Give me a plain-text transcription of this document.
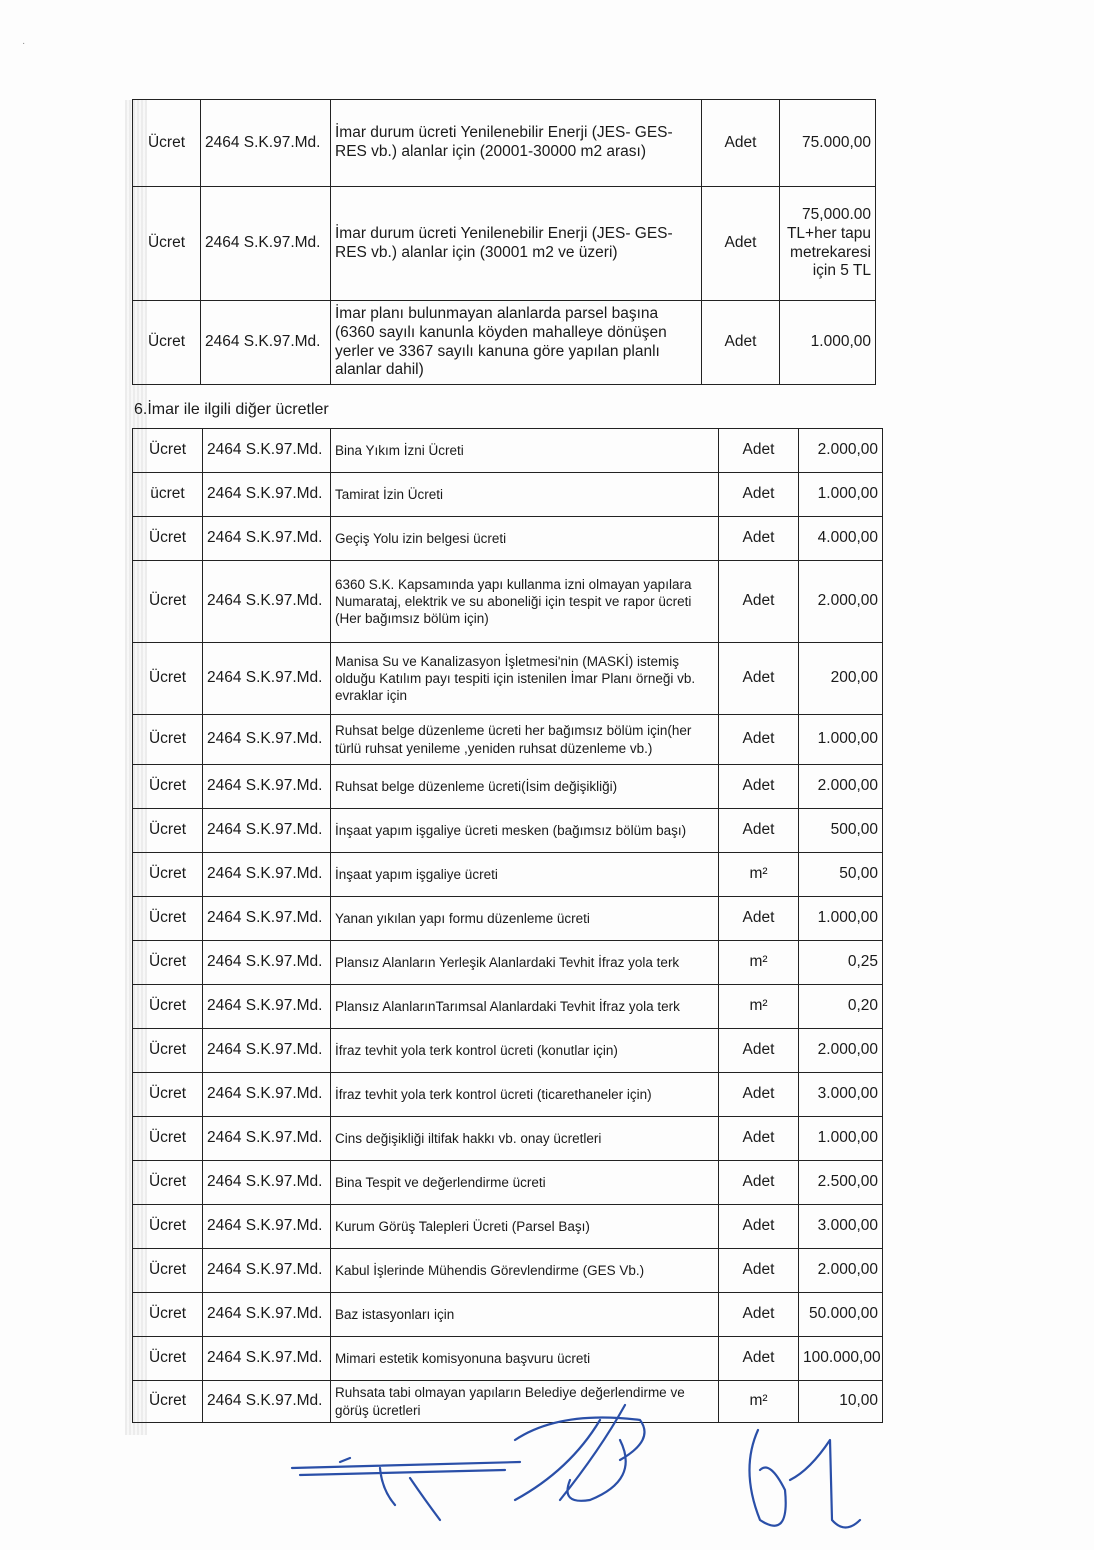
·
Ücret	2464 S.K.97.Md.	İmar durum ücreti Yenilenebilir Enerji (JES- GES-RES vb.) alanlar için (20001-30000 m2 arası)	Adet	75.000,00
Ücret	2464 S.K.97.Md.	İmar durum ücreti Yenilenebilir Enerji (JES- GES-RES vb.) alanlar için (30001 m2 ve üzeri)	Adet	75,000.00 TL+her tapu metrekaresi için 5 TL
Ücret	2464 S.K.97.Md.	İmar planı bulunmayan alanlarda parsel başına (6360 sayılı kanunla köyden mahalleye dönüşen yerler ve 3367 sayılı kanuna göre yapılan planlı alanlar dahil)	Adet	1.000,00
6.İmar ile ilgili diğer ücretler
Ücret	2464 S.K.97.Md.	Bina Yıkım İzni Ücreti	Adet	2.000,00
ücret	2464 S.K.97.Md.	Tamirat İzin Ücreti	Adet	1.000,00
Ücret	2464 S.K.97.Md.	Geçiş Yolu izin belgesi ücreti	Adet	4.000,00
Ücret	2464 S.K.97.Md.	6360 S.K. Kapsamında yapı kullanma izni olmayan yapılara Numarataj, elektrik ve su aboneliği için tespit ve rapor ücreti (Her bağımsız bölüm için)	Adet	2.000,00
Ücret	2464 S.K.97.Md.	Manisa Su ve Kanalizasyon İşletmesi'nin (MASKİ) istemiş olduğu Katılım payı tespiti için istenilen İmar Planı örneği vb. evraklar için	Adet	200,00
Ücret	2464 S.K.97.Md.	Ruhsat belge düzenleme ücreti her bağımsız bölüm için(her türlü ruhsat yenileme ,yeniden ruhsat düzenleme vb.)	Adet	1.000,00
Ücret	2464 S.K.97.Md.	Ruhsat belge düzenleme ücreti(İsim değişikliği)	Adet	2.000,00
Ücret	2464 S.K.97.Md.	İnşaat yapım işgaliye ücreti mesken (bağımsız bölüm başı)	Adet	500,00
Ücret	2464 S.K.97.Md.	İnşaat yapım işgaliye ücreti	m²	50,00
Ücret	2464 S.K.97.Md.	Yanan yıkılan yapı formu düzenleme ücreti	Adet	1.000,00
Ücret	2464 S.K.97.Md.	Plansız Alanların Yerleşik Alanlardaki Tevhit İfraz yola terk	m²	0,25
Ücret	2464 S.K.97.Md.	Plansız AlanlarınTarımsal Alanlardaki Tevhit İfraz yola terk	m²	0,20
Ücret	2464 S.K.97.Md.	İfraz tevhit yola terk kontrol ücreti (konutlar için)	Adet	2.000,00
Ücret	2464 S.K.97.Md.	İfraz tevhit yola terk kontrol ücreti (ticarethaneler için)	Adet	3.000,00
Ücret	2464 S.K.97.Md.	Cins değişikliği iltifak hakkı vb. onay ücretleri	Adet	1.000,00
Ücret	2464 S.K.97.Md.	Bina Tespit ve değerlendirme ücreti	Adet	2.500,00
Ücret	2464 S.K.97.Md.	Kurum Görüş Talepleri Ücreti (Parsel Başı)	Adet	3.000,00
Ücret	2464 S.K.97.Md.	Kabul İşlerinde Mühendis Görevlendirme (GES Vb.)	Adet	2.000,00
Ücret	2464 S.K.97.Md.	Baz istasyonları için	Adet	50.000,00
Ücret	2464 S.K.97.Md.	Mimari estetik komisyonuna başvuru ücreti	Adet	100.000,00
Ücret	2464 S.K.97.Md.	Ruhsata tabi olmayan yapıların Belediye değerlendirme ve görüş ücretleri	m²	10,00
